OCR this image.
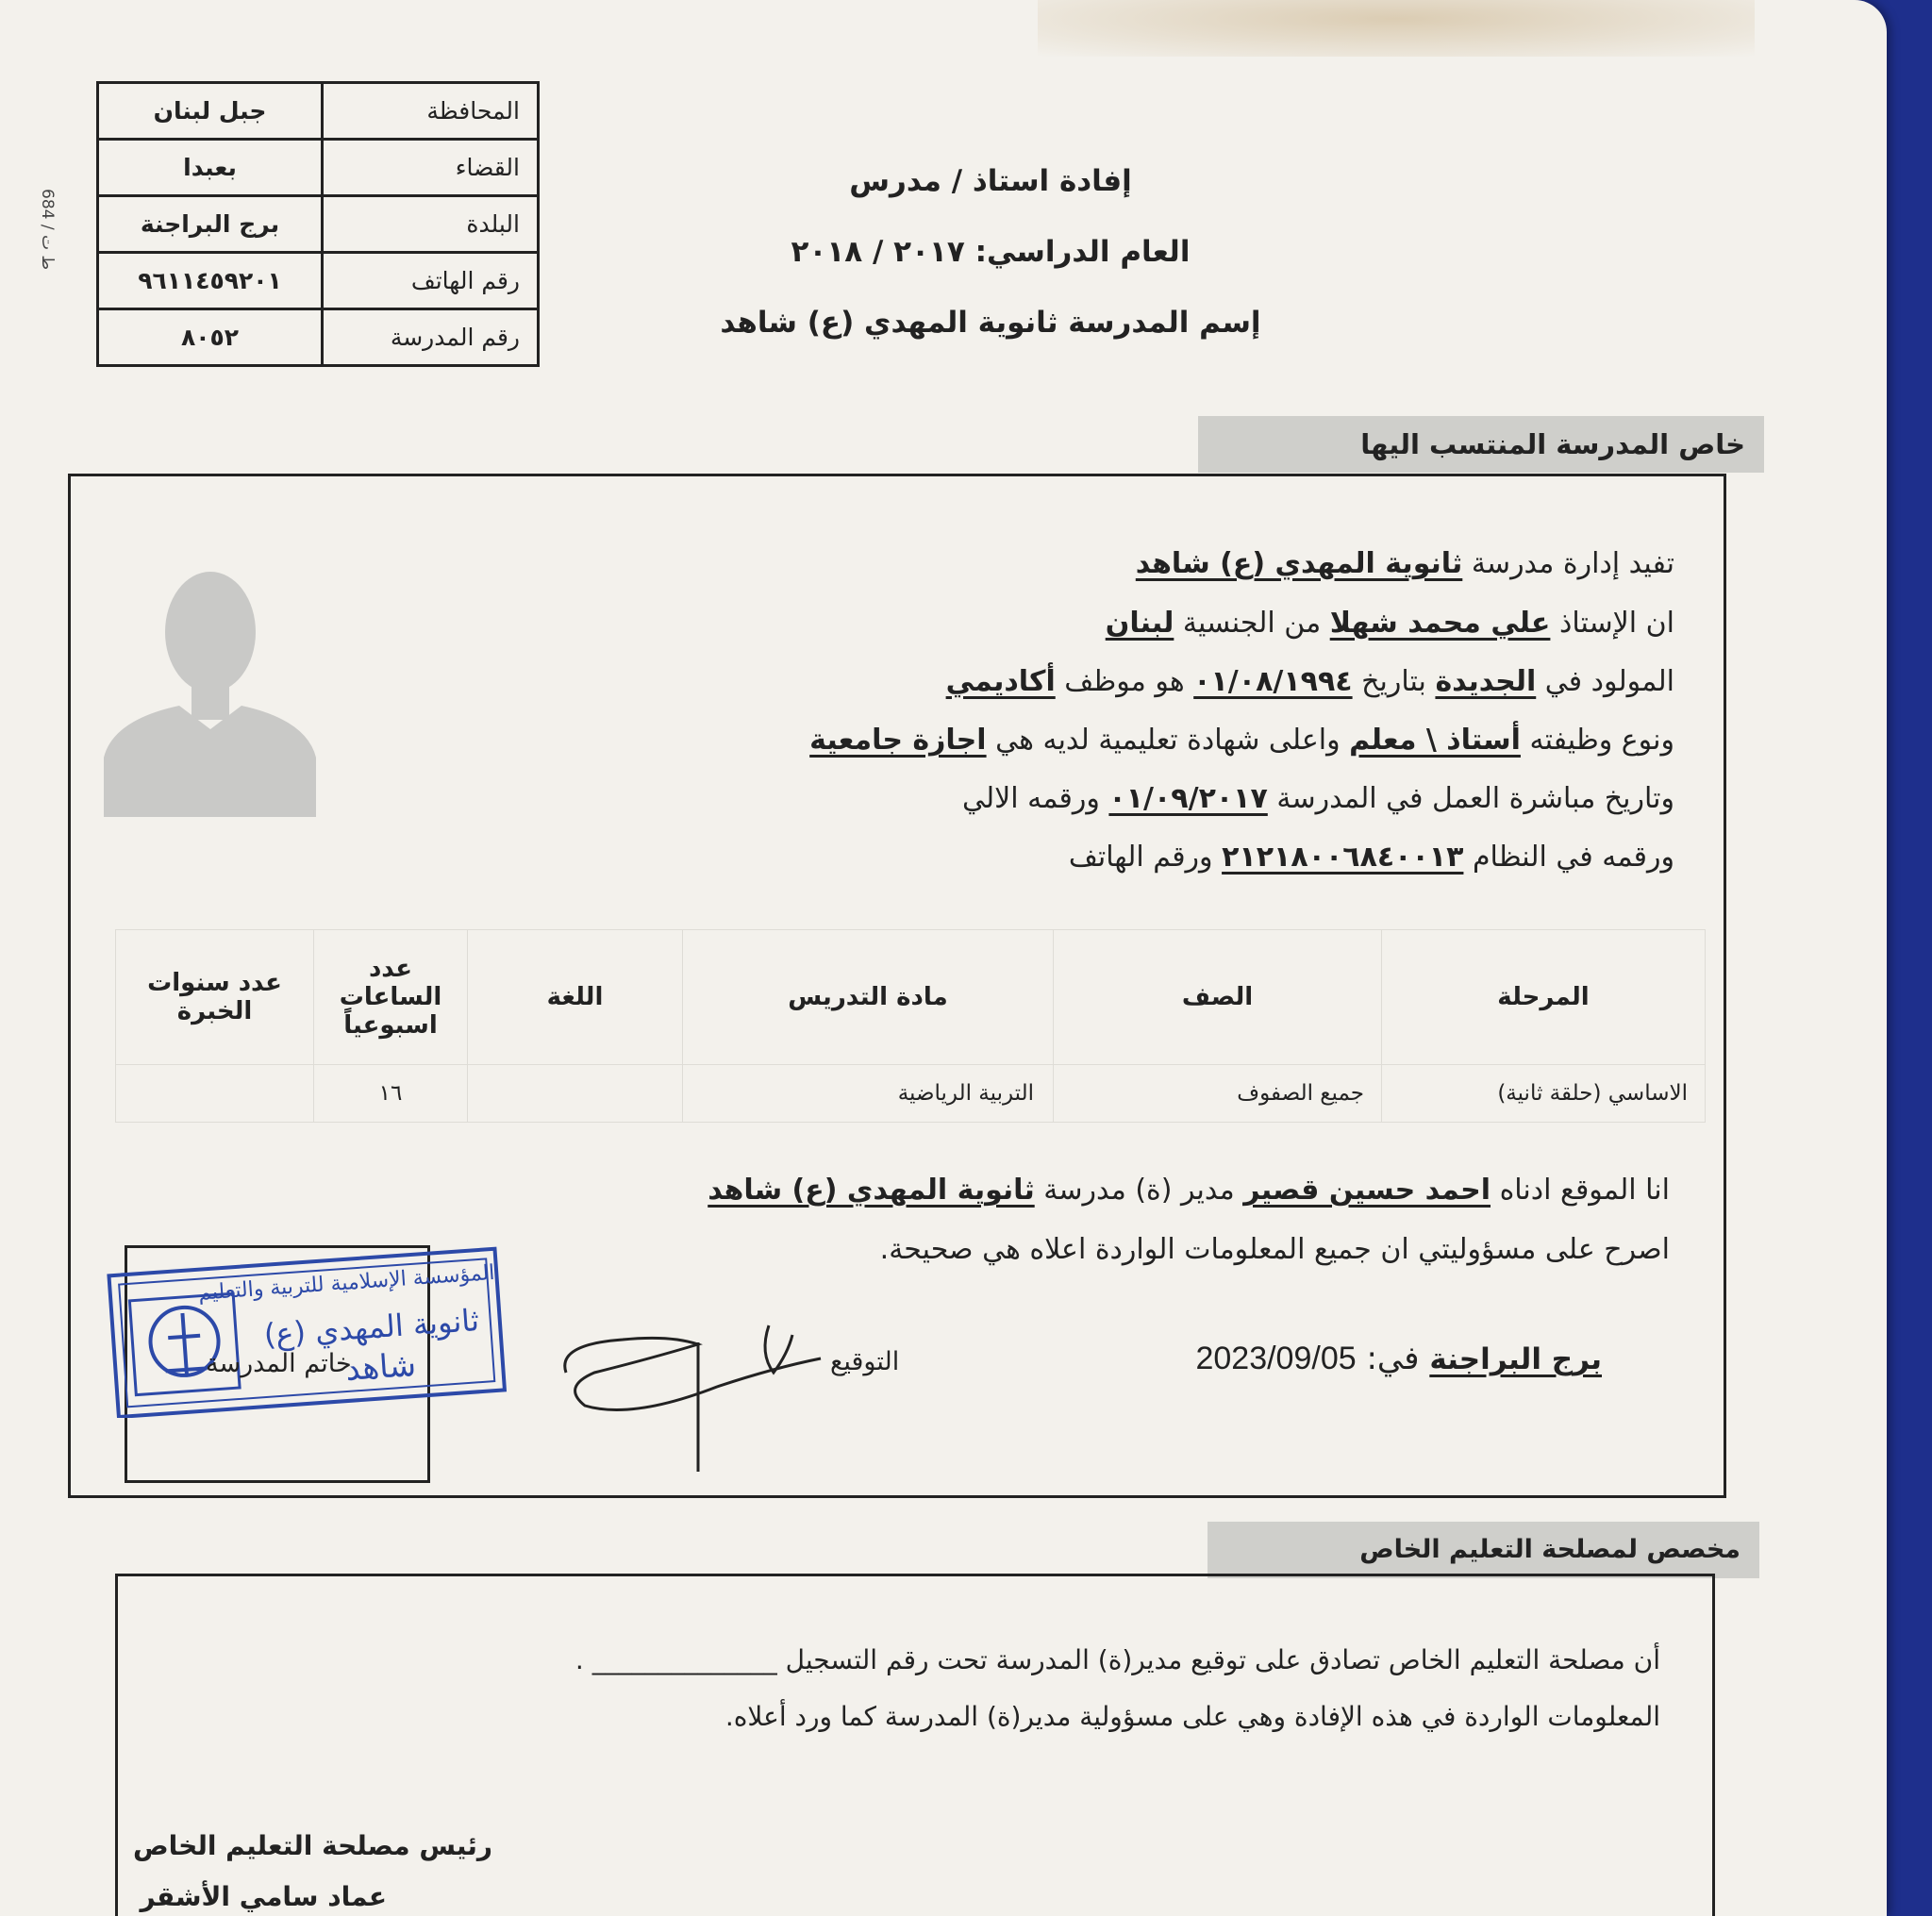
المحافظة	جبل لبنان
القضاء	بعبدا
البلدة	برج البراجنة
رقم الهاتف	٩٦١١٤٥٩٢٠١
رقم المدرسة	٨٠٥٢
684 / ط ت
إفادة استاذ / مدرس
العام الدراسي: ٢٠١٧ / ٢٠١٨
إسم المدرسة ثانوية المهدي (ع) شاهد
خاص المدرسة المنتسب اليها
تفيد إدارة مدرسة ثانوية المهدي (ع) شاهد
ان الإستاذ علي محمد شهلا من الجنسية لبنان
المولود في الجديدة بتاريخ ٠١/٠٨/١٩٩٤ هو موظف أكاديمي
ونوع وظيفته أستاذ \ معلم واعلى شهادة تعليمية لديه هي اجازة جامعية
وتاريخ مباشرة العمل في المدرسة ٠١/٠٩/٢٠١٧ ورقمه الالي
ورقمه في النظام ٢١٢١٨٠٠٦٨٤٠٠١٣ ورقم الهاتف
المرحلة	الصف	مادة التدريس	اللغة	عدد الساعات اسبوعياً	عدد سنوات الخبرة
الاساسي (حلقة ثانية)	جميع الصفوف	التربية الرياضية		١٦	
انا الموقع ادناه احمد حسين قصير مدير (ة) مدرسة ثانوية المهدي (ع) شاهد
اصرح على مسؤوليتي ان جميع المعلومات الواردة اعلاه هي صحيحة.
المؤسسة الإسلامية للتربية والتعليم
ثانوية المهدي (ع)
شاهد
خاتم المدرسة	التوقيع	برج البراجنة في: 2023/09/05
مخصص لمصلحة التعليم الخاص
أن مصلحة التعليم الخاص تصادق على توقيع مدير(ة) المدرسة تحت رقم التسجيل ______________ .
المعلومات الواردة في هذه الإفادة وهي على مسؤولية مدير(ة) المدرسة كما ورد أعلاه.
رئيس مصلحة التعليم الخاص
عماد سامي الأشقر
